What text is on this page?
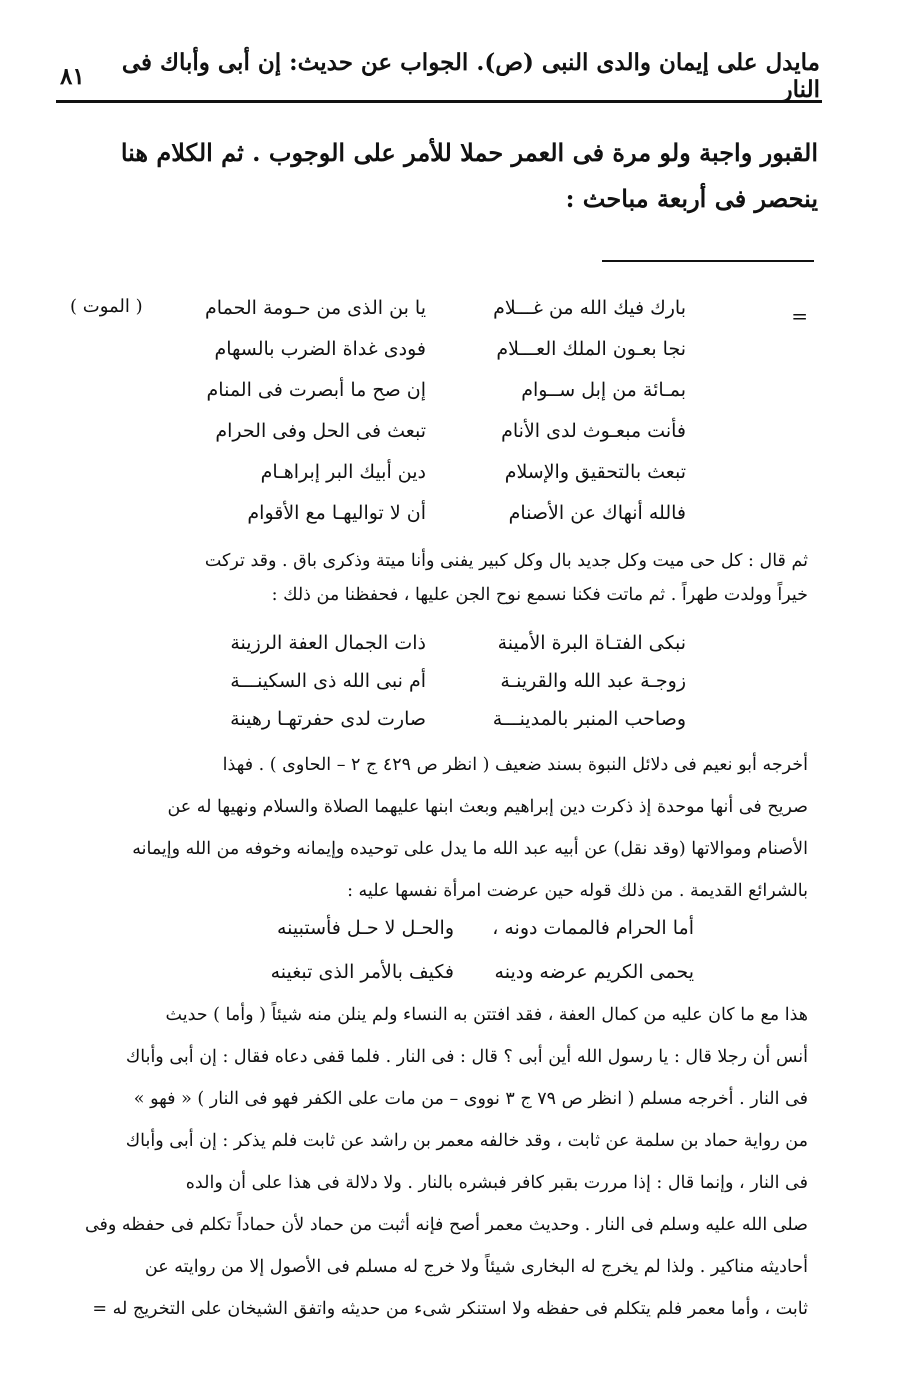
مايدل على إيمان والدى النبى (ص). الجواب عن حديث: إن أبى وأباك فى النار
٨١

القبور واجبة ولو مرة فى العمر حملا للأمر على الوجوب . ثم الكلام هنا

ينحصر فى أربعة مباحث :

=
( الموت )	بارك فيك الله من غـــلام
يا بن الذى من حـومة الحمام
نجا بعـون الملك العـــلام
فودى غداة الضرب بالسهام
بمـائة من إبل ســوام
إن صح ما أبصرت فى المنام
فأنت مبعـوث لدى الأنام
تبعث فى الحل وفى الحرام
تبعث بالتحقيق والإسلام
دين أبيك البر إبراهـام
فالله أنهاك عن الأصنام
أن لا تواليهـا مع الأقوام

ثم قال : كل حى ميت وكل جديد بال وكل كبير يفنى وأنا ميتة وذكرى باق . وقد تركت

خيراً وولدت طهراً . ثم ماتت فكنا نسمع نوح الجن عليها ، فحفظنا من ذلك :

نبكى الفتـاة البرة الأمينة
ذات الجمال العفة الرزينة
زوجـة عبد الله والقرينـة
أم نبى الله ذى السكينـــة
وصاحب المنبر بالمدينـــة
صارت لدى حفرتهـا رهينة

أخرجه أبو نعيم فى دلائل النبوة بسند ضعيف ( انظر ص ٤٢٩ ج ٢ – الحاوى ) . فهذا

صريح فى أنها موحدة إذ ذكرت دين إبراهيم وبعث ابنها عليهما الصلاة والسلام ونهيها له عن

الأصنام وموالاتها (وقد نقل) عن أبيه عبد الله ما يدل على توحيده وإيمانه وخوفه من الله وإيمانه

بالشرائع القديمة . من ذلك قوله حين عرضت امرأة نفسها عليه :

أما الحرام فالممات دونه ،
والحـل لا حـل فأستبينه
يحمى الكريم عرضه ودينه
فكيف بالأمر الذى تبغينه

هذا مع ما كان عليه من كمال العفة ، فقد افتتن به النساء ولم ينلن منه شيئاً ( وأما ) حديث

أنس أن رجلا قال : يا رسول الله أين أبى ؟ قال : فى النار . فلما قفى دعاه فقال : إن أبى وأباك

فى النار . أخرجه مسلم ( انظر ص ٧٩ ج ٣ نووى – من مات على الكفر فهو فى النار ) « فهو »

من رواية حماد بن سلمة عن ثابت ، وقد خالفه معمر بن راشد عن ثابت فلم يذكر : إن أبى وأباك

فى النار ، وإنما قال : إذا مررت بقبر كافر فبشره بالنار . ولا دلالة فى هذا على أن والده

صلى الله عليه وسلم فى النار . وحديث معمر أصح فإنه أثبت من حماد لأن حماداً تكلم فى حفظه وفى

أحاديثه مناكير . ولذا لم يخرج له البخارى شيئاً ولا خرج له مسلم فى الأصول إلا من روايته عن

ثابت ، وأما معمر فلم يتكلم فى حفظه ولا استنكر شىء من حديثه واتفق الشيخان على التخريج له =
